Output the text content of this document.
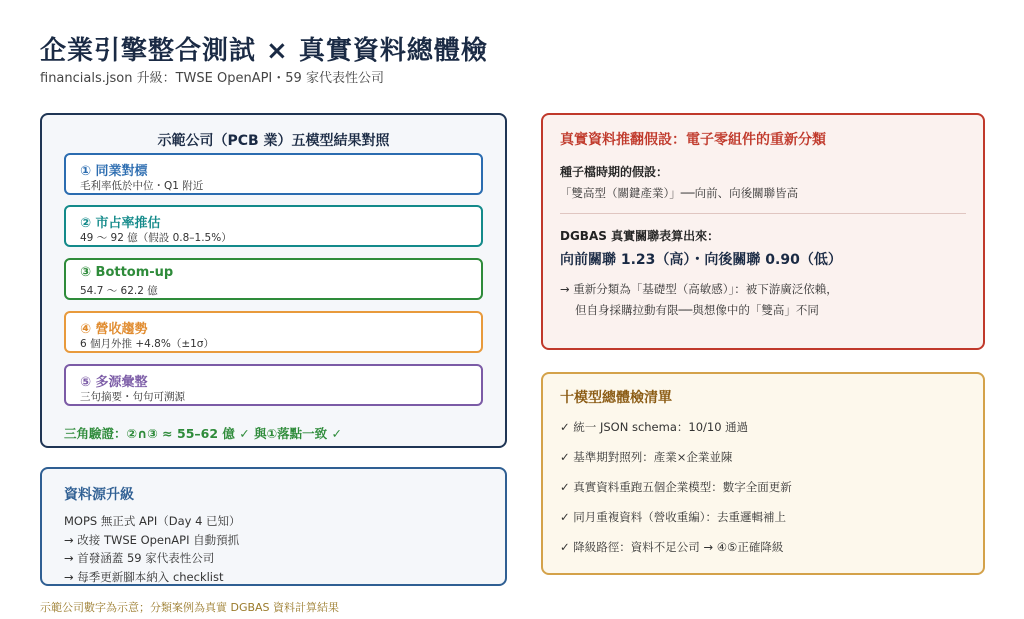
企業引擎整合測試 × 真實資料總體檢
financials.json 升級：TWSE OpenAPI・59 家代表性公司
示範公司（PCB 業）五模型結果對照
① 同業對標
毛利率低於中位・Q1 附近
② 市占率推估
49 ～ 92 億（假設 0.8–1.5%）
③ Bottom-up
54.7 ～ 62.2 億
④ 營收趨勢
6 個月外推 +4.8%（±1σ）
⑤ 多源彙整
三句摘要・句句可溯源
三角驗證：②∩③ ≈ 55–62 億 ✓ 與①落點一致 ✓
資料源升級
MOPS 無正式 API（Day 4 已知）
→ 改接 TWSE OpenAPI 自動預抓
→ 首發涵蓋 59 家代表性公司
→ 每季更新腳本納入 checklist
真實資料推翻假設：電子零組件的重新分類
種子檔時期的假設：
「雙高型（關鍵產業）」──向前、向後關聯皆高
DGBAS 真實關聯表算出來：
向前關聯 1.23（高）・向後關聯 0.90（低）
→ 重新分類為「基礎型（高敏感）」：被下游廣泛依賴，
但自身採購拉動有限──與想像中的「雙高」不同
十模型總體檢清單
✓ 統一 JSON schema：10/10 通過
✓ 基準期對照列：產業×企業並陳
✓ 真實資料重跑五個企業模型：數字全面更新
✓ 同月重複資料（營收重編）：去重邏輯補上
✓ 降級路徑：資料不足公司 → ④⑤正確降級
示範公司數字為示意；分類案例為真實 DGBAS 資料計算結果
